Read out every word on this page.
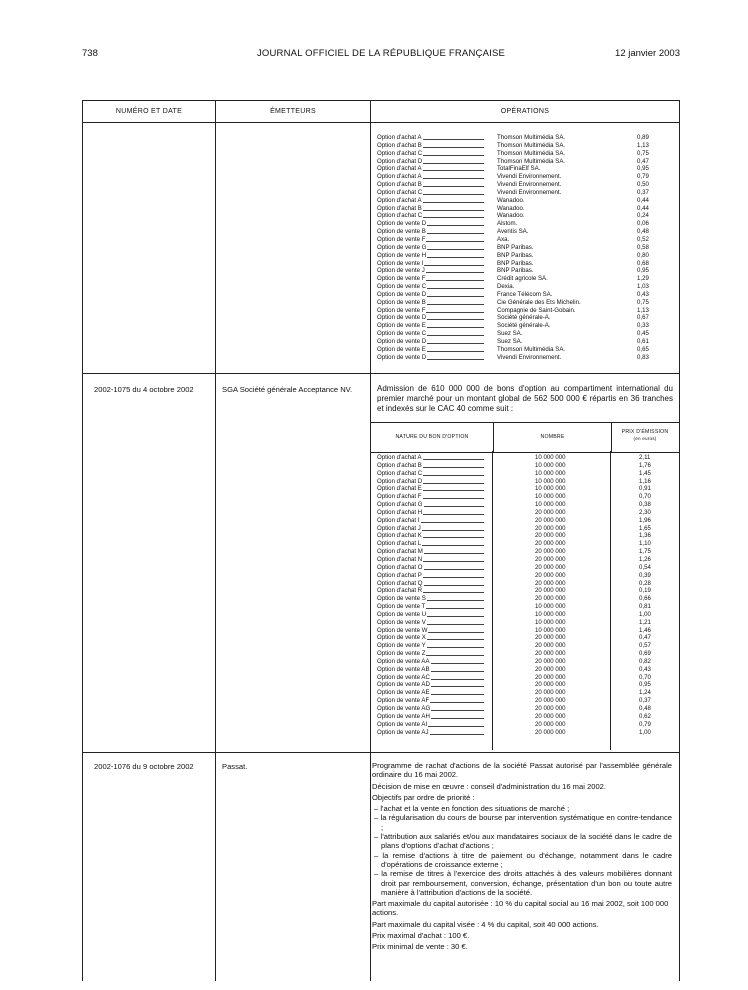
738	JOURNAL OFFICIEL DE LA RÉPUBLIQUE FRANÇAISE	12 janvier 2003
NUMÉRO ET DATE	ÉMETTEURS	OPÉRATIONS
Option d'achat A	Thomson Multimédia SA.	0,89
Option d'achat B	Thomson Multimédia SA.	1,13
Option d'achat C	Thomson Multimédia SA.	0,75
Option d'achat D	Thomson Multimédia SA.	0,47
Option d'achat A	TotalFinaElf SA.	0,95
Option d'achat A	Vivendi Environnement.	0,79
Option d'achat B	Vivendi Environnement.	0,50
Option d'achat C	Vivendi Environnement.	0,37
Option d'achat A	Wanadoo.	0,44
Option d'achat B	Wanadoo.	0,44
Option d'achat C	Wanadoo.	0,24
Option de vente D	Alstom.	0,06
Option de vente B	Aventis SA.	0,48
Option de vente F	Axa.	0,52
Option de vente G	BNP Paribas.	0,58
Option de vente H	BNP Paribas.	0,80
Option de vente I	BNP Paribas.	0,68
Option de vente J	BNP Paribas.	0,95
Option de vente F	Crédit agricole SA.	1,29
Option de vente C	Dexia.	1,03
Option de vente D	France Télécom SA.	0,43
Option de vente B	Cie Générale des Ets Michelin.	0,75
Option de vente F	Compagnie de Saint-Gobain.	1,13
Option de vente D	Société générale-A.	0,67
Option de vente E	Société générale-A.	0,33
Option de vente C	Suez SA.	0,45
Option de vente D	Suez SA.	0,61
Option de vente E	Thomson Multimédia SA.	0,65
Option de vente D	Vivendi Environnement.	0,83
2002-1075 du 4 octobre 2002	SGA Société générale Acceptance NV.	Admission de 610 000 000 de bons d'option au compartiment international du premier marché pour un montant global de 562 500 000 € répartis en 36 tranches et indexés sur le CAC 40 comme suit :
NATURE DU BON D'OPTION	NOMBRE
PRIX D'ÉMISSION
(en euros)
Option d'achat A	10 000 000	2,11
Option d'achat B	10 000 000	1,76
Option d'achat C	10 000 000	1,45
Option d'achat D	10 000 000	1,16
Option d'achat E	10 000 000	0,91
Option d'achat F	10 000 000	0,70
Option d'achat G	10 000 000	0,38
Option d'achat H	20 000 000	2,30
Option d'achat I	20 000 000	1,96
Option d'achat J	20 000 000	1,65
Option d'achat K	20 000 000	1,36
Option d'achat L	20 000 000	1,10
Option d'achat M	20 000 000	1,75
Option d'achat N	20 000 000	1,26
Option d'achat O	20 000 000	0,54
Option d'achat P	20 000 000	0,39
Option d'achat Q	20 000 000	0,28
Option d'achat R	20 000 000	0,19
Option de vente S	20 000 000	0,66
Option de vente T	10 000 000	0,81
Option de vente U	10 000 000	1,00
Option de vente V	10 000 000	1,21
Option de vente W	10 000 000	1,46
Option de vente X	20 000 000	0,47
Option de vente Y	20 000 000	0,57
Option de vente Z	20 000 000	0,69
Option de vente AA	20 000 000	0,82
Option de vente AB	20 000 000	0,43
Option de vente AC	20 000 000	0,70
Option de vente AD	20 000 000	0,95
Option de vente AE	20 000 000	1,24
Option de vente AF	20 000 000	0,37
Option de vente AG	20 000 000	0,48
Option de vente AH	20 000 000	0,62
Option de vente AI	20 000 000	0,79
Option de vente AJ	20 000 000	1,00
2002-1076 du 9 octobre 2002	Passat.	Programme de rachat d'actions de la société Passat autorisé par l'assemblée générale ordinaire du 16 mai 2002.

Décision de mise en œuvre : conseil d'administration du 16 mai 2002.

Objectifs par ordre de priorité :

– l'achat et la vente en fonction des situations de marché ;

– la régularisation du cours de bourse par intervention systématique en contre-tendance ;

– l'attribution aux salariés et/ou aux mandataires sociaux de la société dans le cadre de plans d'options d'achat d'actions ;

– la remise d'actions à titre de paiement ou d'échange, notamment dans le cadre d'opérations de croissance externe ;

– la remise de titres à l'exercice des droits attachés à des valeurs mobilières donnant droit par remboursement, conversion, échange, présentation d'un bon ou toute autre manière à l'attribution d'actions de la société.

Part maximale du capital autorisée : 10 % du capital social au 16 mai 2002, soit 100 000 actions.

Part maximale du capital visée : 4 % du capital, soit 40 000 actions.

Prix maximal d'achat : 100 €.

Prix minimal de vente : 30 €.
